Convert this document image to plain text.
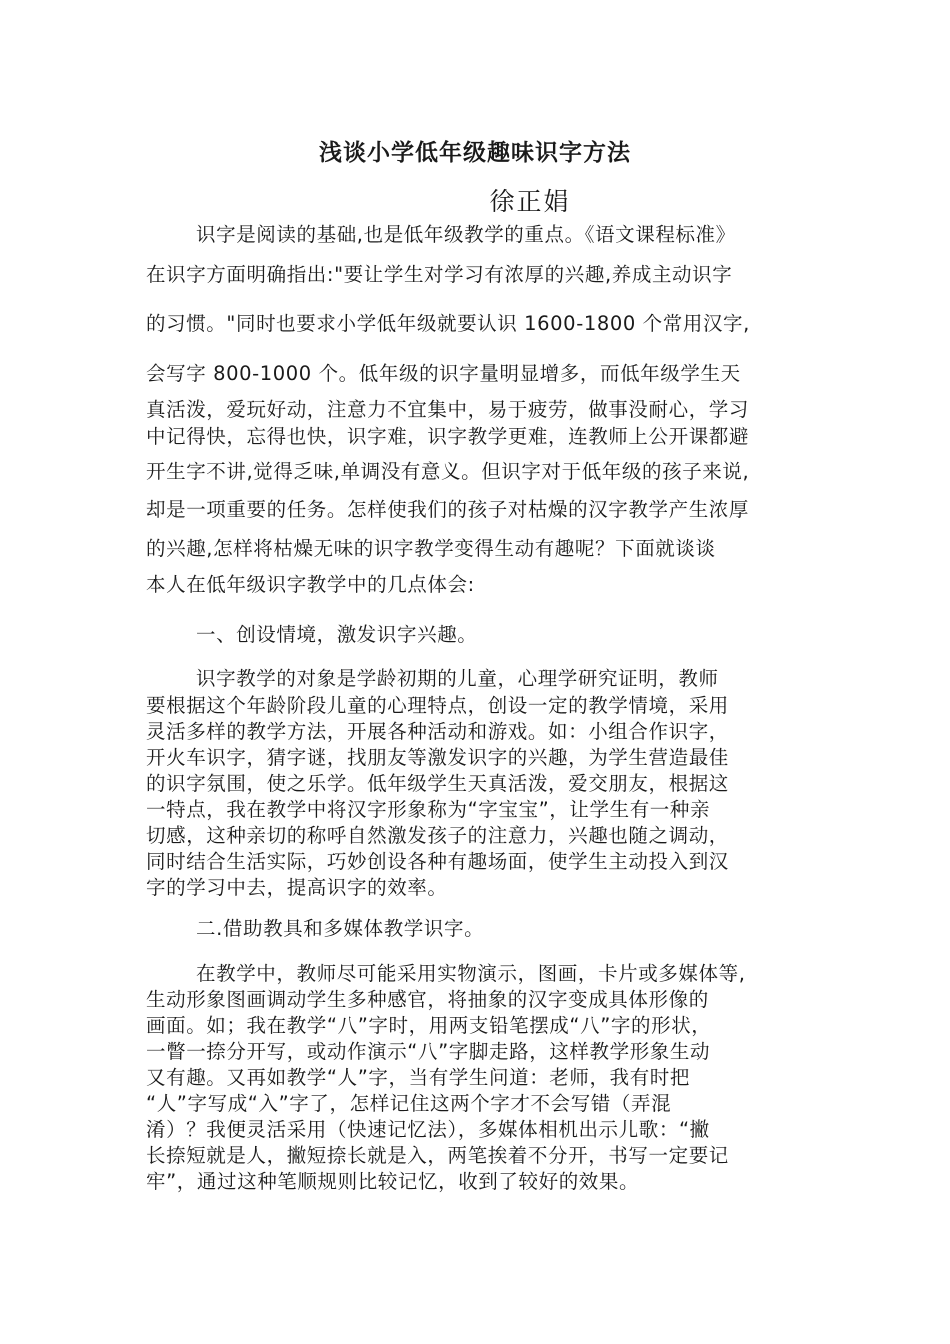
浅谈小学低年级趣味识字方法
徐正娟
识字是阅读的基础,也是低年级教学的重点。《语文课程标准》
在识字方面明确指出:"要让学生对学习有浓厚的兴趣,养成主动识字
的习惯。"同时也要求小学低年级就要认识 1600-1800 个常用汉字,
会写字 800-1000 个。低年级的识字量明显增多，而低年级学生天
真活泼，爱玩好动，注意力不宜集中，易于疲劳，做事没耐心，学习
中记得快，忘得也快，识字难，识字教学更难，连教师上公开课都避
开生字不讲,觉得乏味,单调没有意义。但识字对于低年级的孩子来说,
却是一项重要的任务。怎样使我们的孩子对枯燥的汉字教学产生浓厚
的兴趣,怎样将枯燥无味的识字教学变得生动有趣呢？下面就谈谈
本人在低年级识字教学中的几点体会:
一、创设情境，激发识字兴趣。
识字教学的对象是学龄初期的儿童，心理学研究证明，教师
要根据这个年龄阶段儿童的心理特点，创设一定的教学情境，采用
灵活多样的教学方法，开展各种活动和游戏。如：小组合作识字，
开火车识字，猜字谜，找朋友等激发识字的兴趣，为学生营造最佳
的识字氛围，使之乐学。低年级学生天真活泼，爱交朋友，根据这
一特点，我在教学中将汉字形象称为“字宝宝”，让学生有一种亲
切感，这种亲切的称呼自然激发孩子的注意力，兴趣也随之调动，
同时结合生活实际，巧妙创设各种有趣场面，使学生主动投入到汉
字的学习中去，提高识字的效率。
二.借助教具和多媒体教学识字。
在教学中，教师尽可能采用实物演示，图画，卡片或多媒体等,
生动形象图画调动学生多种感官，将抽象的汉字变成具体形像的
画面。如；我在教学“八”字时，用两支铅笔摆成“八”字的形状，
一瞥一捺分开写，或动作演示“八”字脚走路，这样教学形象生动
又有趣。又再如教学“人”字，当有学生问道：老师，我有时把
“人”字写成“入”字了，怎样记住这两个字才不会写错（弄混
淆）？我便灵活采用（快速记忆法），多媒体相机出示儿歌：“撇
长捺短就是人，撇短捺长就是入，两笔挨着不分开，书写一定要记
牢”，通过这种笔顺规则比较记忆，收到了较好的效果。
